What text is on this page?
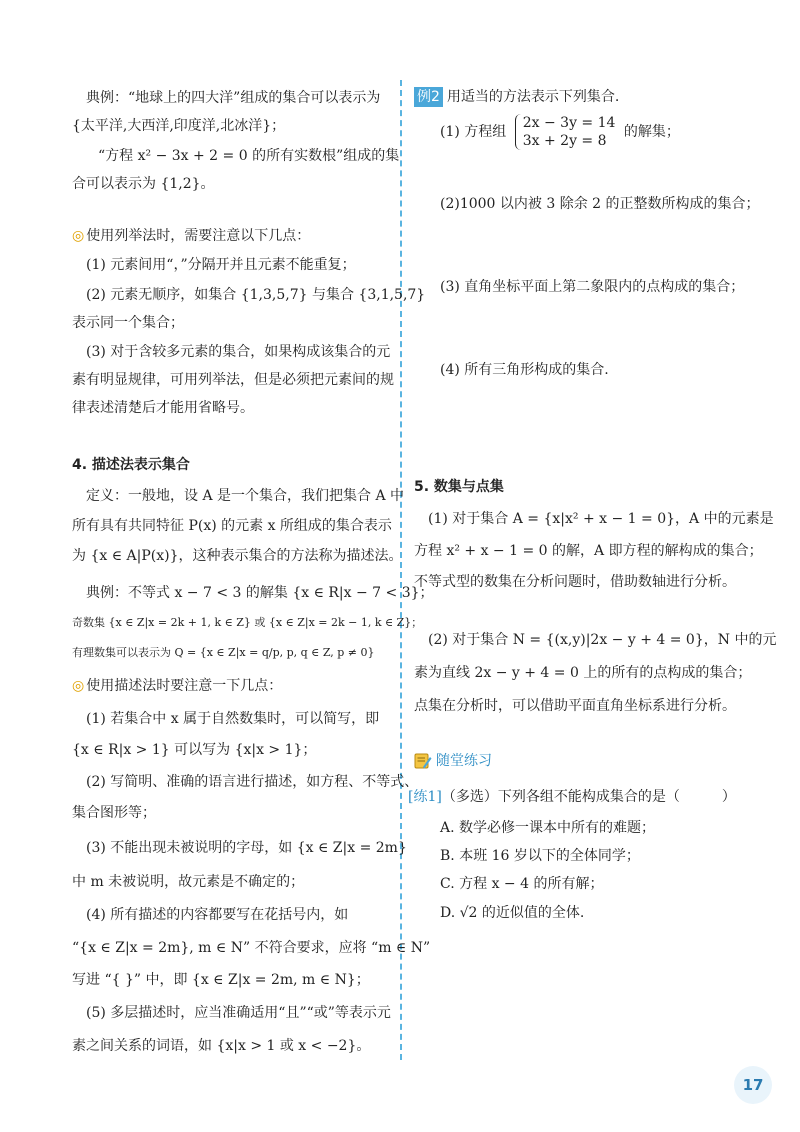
典例：“地球上的四大洋”组成的集合可以表示为
{太平洋,大西洋,印度洋,北冰洋}；
“方程 x² − 3x + 2 = 0 的所有实数根”组成的集
合可以表示为 {1,2}。
◎ 使用列举法时，需要注意以下几点：
(1) 元素间用“，”分隔开并且元素不能重复；
(2) 元素无顺序，如集合 {1,3,5,7} 与集合 {3,1,5,7}
表示同一个集合；
(3) 对于含较多元素的集合，如果构成该集合的元
素有明显规律，可用列举法，但是必须把元素间的规
律表述清楚后才能用省略号。
4. 描述法表示集合
定义：一般地，设 A 是一个集合，我们把集合 A 中
所有具有共同特征 P(x) 的元素 x 所组成的集合表示
为 {x ∈ A|P(x)}，这种表示集合的方法称为描述法。
典例：不等式 x − 7 < 3 的解集 {x ∈ R|x − 7 < 3}；
奇数集 {x ∈ Z|x = 2k + 1, k ∈ Z} 或 {x ∈ Z|x = 2k − 1, k ∈ Z}；
有理数集可以表示为 Q = {x ∈ Z|x = q/p, p, q ∈ Z, p ≠ 0}
◎ 使用描述法时要注意一下几点：
(1) 若集合中 x 属于自然数集时，可以简写，即
{x ∈ R|x > 1} 可以写为 {x|x > 1}；
(2) 写简明、准确的语言进行描述，如方程、不等式、
集合图形等；
(3) 不能出现未被说明的字母，如 {x ∈ Z|x = 2m}
中 m 未被说明，故元素是不确定的；
(4) 所有描述的内容都要写在花括号内，如
“{x ∈ Z|x = 2m}, m ∈ N” 不符合要求，应将 “m ∈ N”
写进 “{ }” 中，即 {x ∈ Z|x = 2m, m ∈ N}；
(5) 多层描述时，应当准确适用“且”“或”等表示元
素之间关系的词语，如 {x|x > 1 或 x < −2}。
例2 用适当的方法表示下列集合.
(1) 方程组
2x − 3y = 14
3x + 2y = 8
的解集；
(2)1000 以内被 3 除余 2 的正整数所构成的集合；
(3) 直角坐标平面上第二象限内的点构成的集合；
(4) 所有三角形构成的集合.
5. 数集与点集
(1) 对于集合 A = {x|x² + x − 1 = 0}，A 中的元素是
方程 x² + x − 1 = 0 的解，A 即方程的解构成的集合；
不等式型的数集在分析问题时，借助数轴进行分析。
(2) 对于集合 N = {(x,y)|2x − y + 4 = 0}，N 中的元
素为直线 2x − y + 4 = 0 上的所有的点构成的集合；
点集在分析时，可以借助平面直角坐标系进行分析。
随堂练习
[练1]（多选）下列各组不能构成集合的是（　　　）
A. 数学必修一课本中所有的难题；
B. 本班 16 岁以下的全体同学；
C. 方程 x − 4 的所有解；
D. √2 的近似值的全体.
17
